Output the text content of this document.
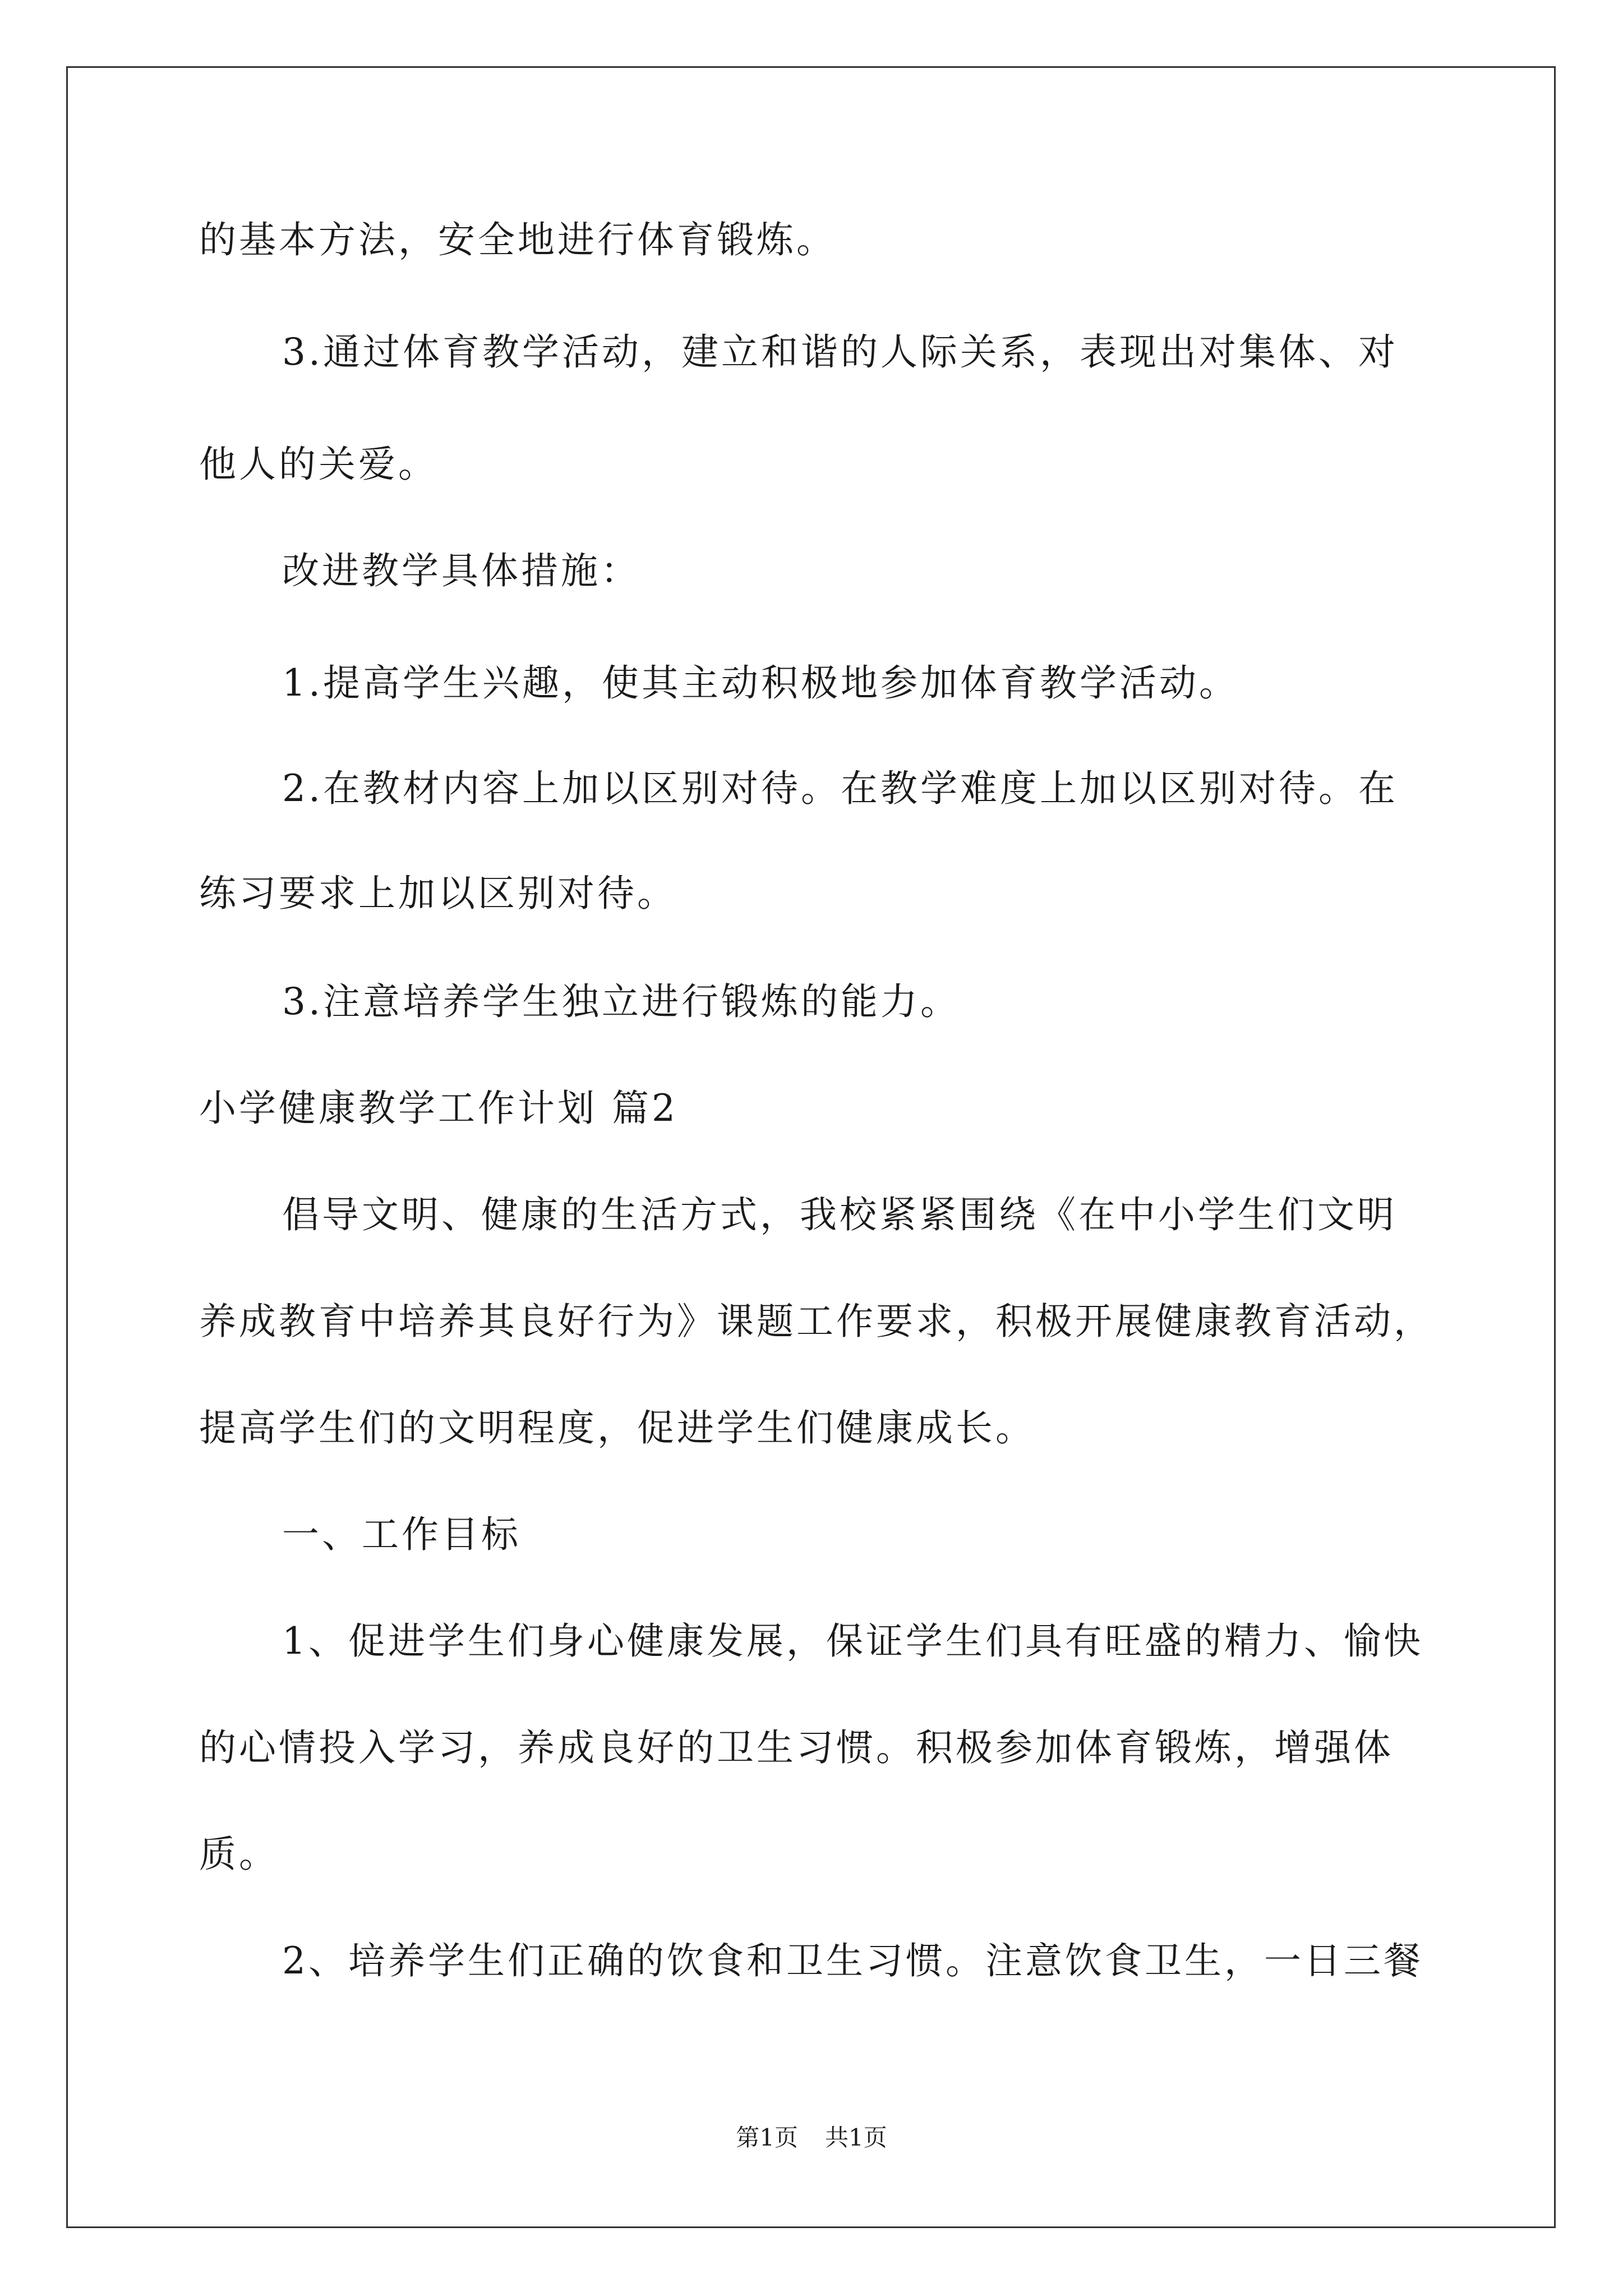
的基本方法，安全地进行体育锻炼。
3.通过体育教学活动，建立和谐的人际关系，表现出对集体、对
他人的关爱。
改进教学具体措施：
1.提高学生兴趣，使其主动积极地参加体育教学活动。
2.在教材内容上加以区别对待。在教学难度上加以区别对待。在
练习要求上加以区别对待。
3.注意培养学生独立进行锻炼的能力。
小学健康教学工作计划 篇2
倡导文明、健康的生活方式，我校紧紧围绕《在中小学生们文明
养成教育中培养其良好行为》课题工作要求，积极开展健康教育活动，
提高学生们的文明程度，促进学生们健康成长。
一、工作目标
1、促进学生们身心健康发展，保证学生们具有旺盛的精力、愉快
的心情投入学习，养成良好的卫生习惯。积极参加体育锻炼，增强体
质。
2、培养学生们正确的饮食和卫生习惯。注意饮食卫生，一日三餐
第1页 共1页
